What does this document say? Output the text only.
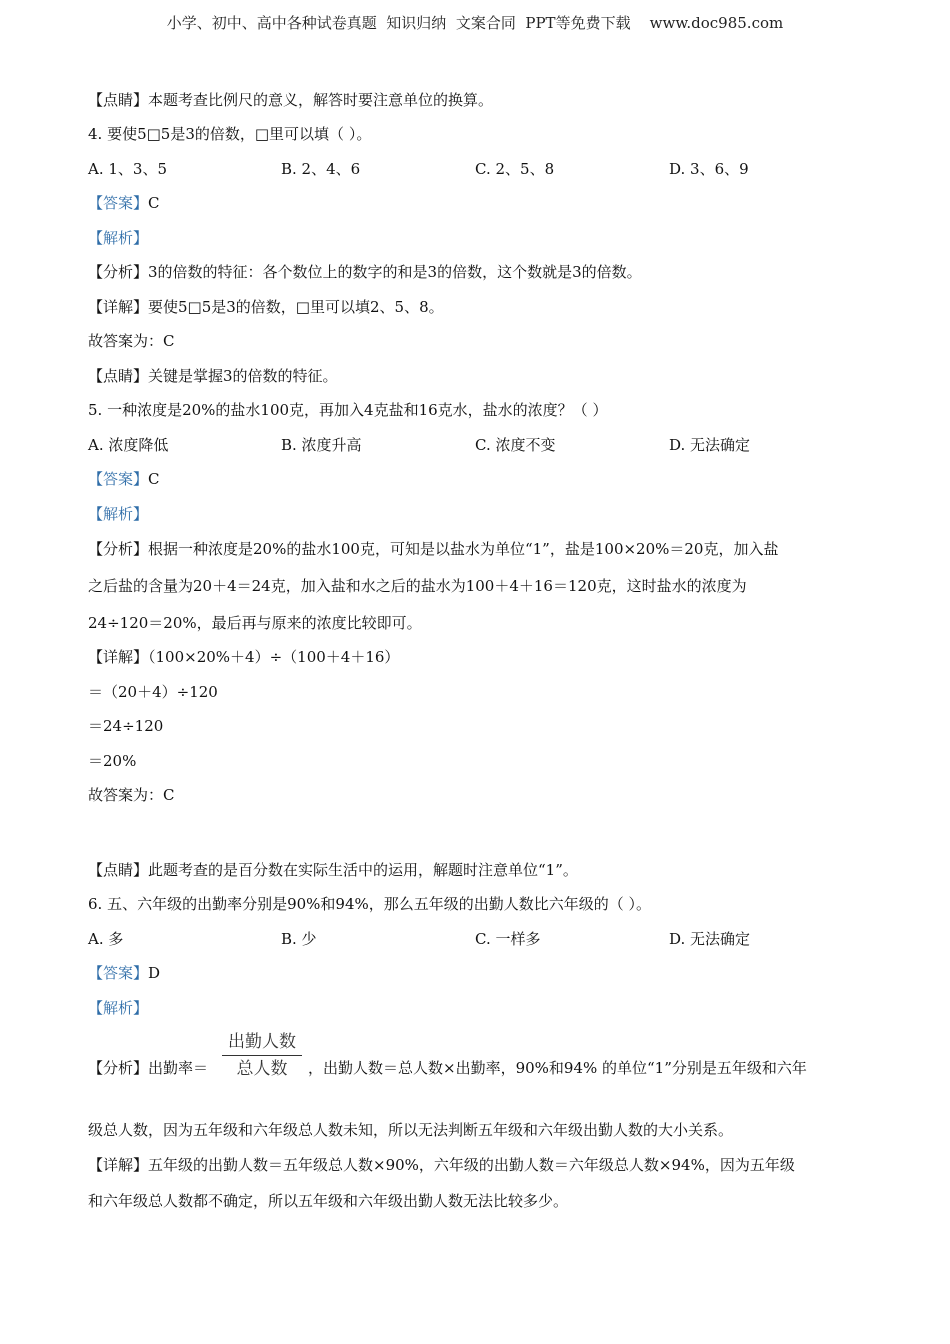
小学、初中、高中各种试卷真题  知识归纳  文案合同  PPT等免费下载    www.doc985.com
【点睛】本题考查比例尺的意义，解答时要注意单位的换算。
4. 要使5□5是3的倍数，□里可以填（ ）。
A. 1、3、5	B. 2、4、6	C. 2、5、8	D. 3、6、9
【答案】C
【解析】
【分析】3的倍数的特征：各个数位上的数字的和是3的倍数，这个数就是3的倍数。
【详解】要使5□5是3的倍数，□里可以填2、5、8。
故答案为：C
【点睛】关键是掌握3的倍数的特征。
5. 一种浓度是20%的盐水100克，再加入4克盐和16克水，盐水的浓度？（ ）
A. 浓度降低	B. 浓度升高	C. 浓度不变	D. 无法确定
【答案】C
【解析】
【分析】根据一种浓度是20%的盐水100克，可知是以盐水为单位“1”，盐是100×20%＝20克，加入盐
之后盐的含量为20＋4＝24克，加入盐和水之后的盐水为100＋4＋16＝120克，这时盐水的浓度为
24÷120＝20%，最后再与原来的浓度比较即可。
【详解】（100×20%＋4）÷（100＋4＋16）
＝（20＋4）÷120
＝24÷120
＝20%
故答案为：C
【点睛】此题考查的是百分数在实际生活中的运用，解题时注意单位“1”。
6. 五、六年级的出勤率分别是90%和94%，那么五年级的出勤人数比六年级的（ ）。
A. 多	B. 少	C. 一样多	D. 无法确定
【答案】D
【解析】
【分析】出勤率＝
出勤人数
总人数	，出勤人数＝总人数×出勤率，90%和94% 的单位“1”分别是五年级和六年
级总人数，因为五年级和六年级总人数未知，所以无法判断五年级和六年级出勤人数的大小关系。
【详解】五年级的出勤人数＝五年级总人数×90%，六年级的出勤人数＝六年级总人数×94%，因为五年级
和六年级总人数都不确定，所以五年级和六年级出勤人数无法比较多少。
